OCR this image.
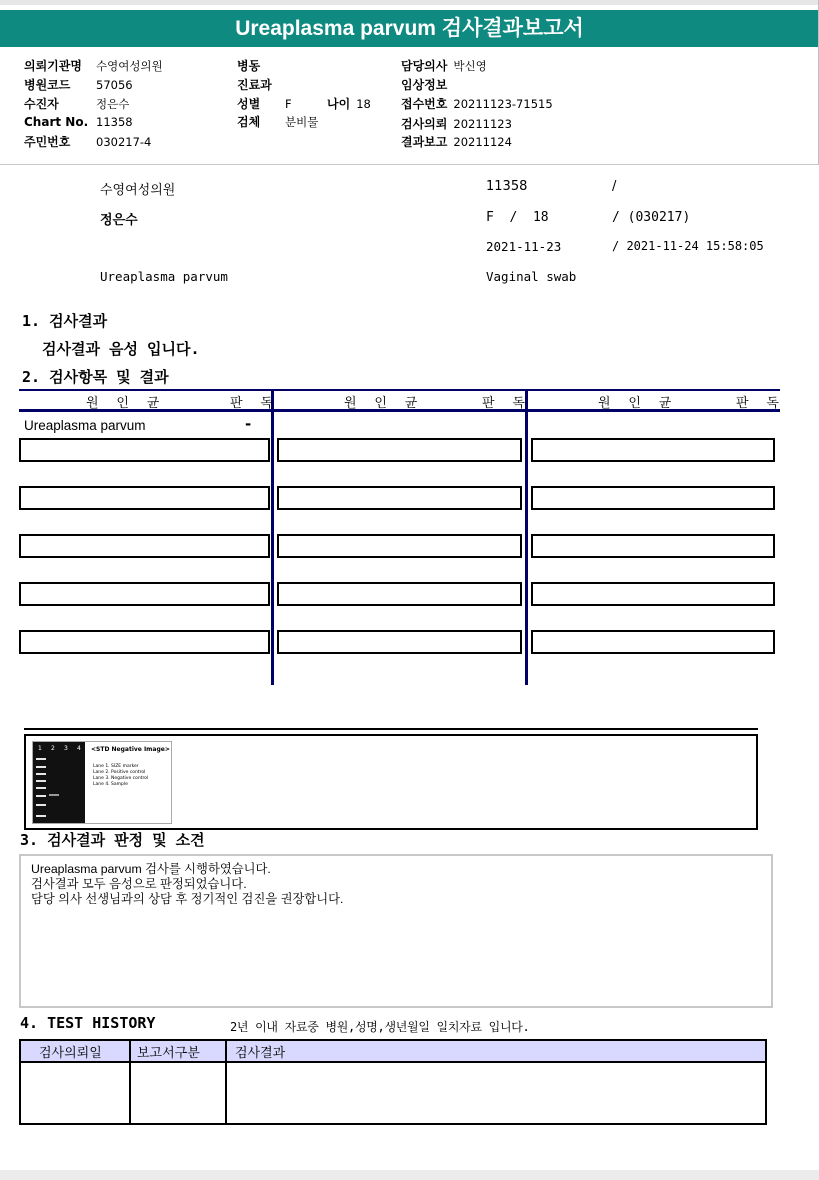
Ureaplasma parvum 검사결과보고서
의뢰기관명 수영여성의원
병원코드 57056
수진자	정은수
Chart No. 11358
주민번호 030217-4
병동
진료과
성별 F	나이 18
검체 분비물
담당의사 박신영
임상정보
접수번호 20211123-71515
검사의뢰 20211123
결과보고 20211124
수영여성의원	11358	/
정은수	F  /  18	/ (030217)
2021-11-23	/ 2021-11-24 15:58:05
Ureaplasma parvum	Vaginal swab
1. 검사결과
검사결과 음성 입니다.
2. 검사항목 및 결과
원 인 균	판 독	원 인 균	판 독	원 인 균	판 독
Ureaplasma parvum	-
1 2 3 4 <STD Negative Image>
Lane 1. SIZE marker
Lane 2. Positive control
Lane 3. Negative control
Lane 4. Sample
3. 검사결과 판정 및 소견
Ureaplasma parvum 검사를 시행하였습니다.
검사결과 모두 음성으로 판정되었습니다.
담당 의사 선생님과의 상담 후 정기적인 검진을 권장합니다.
4. TEST HISTORY	2년 이내 자료중 병원,성명,생년월일 일치자료 입니다.
검사의뢰일	보고서구분	검사결과
